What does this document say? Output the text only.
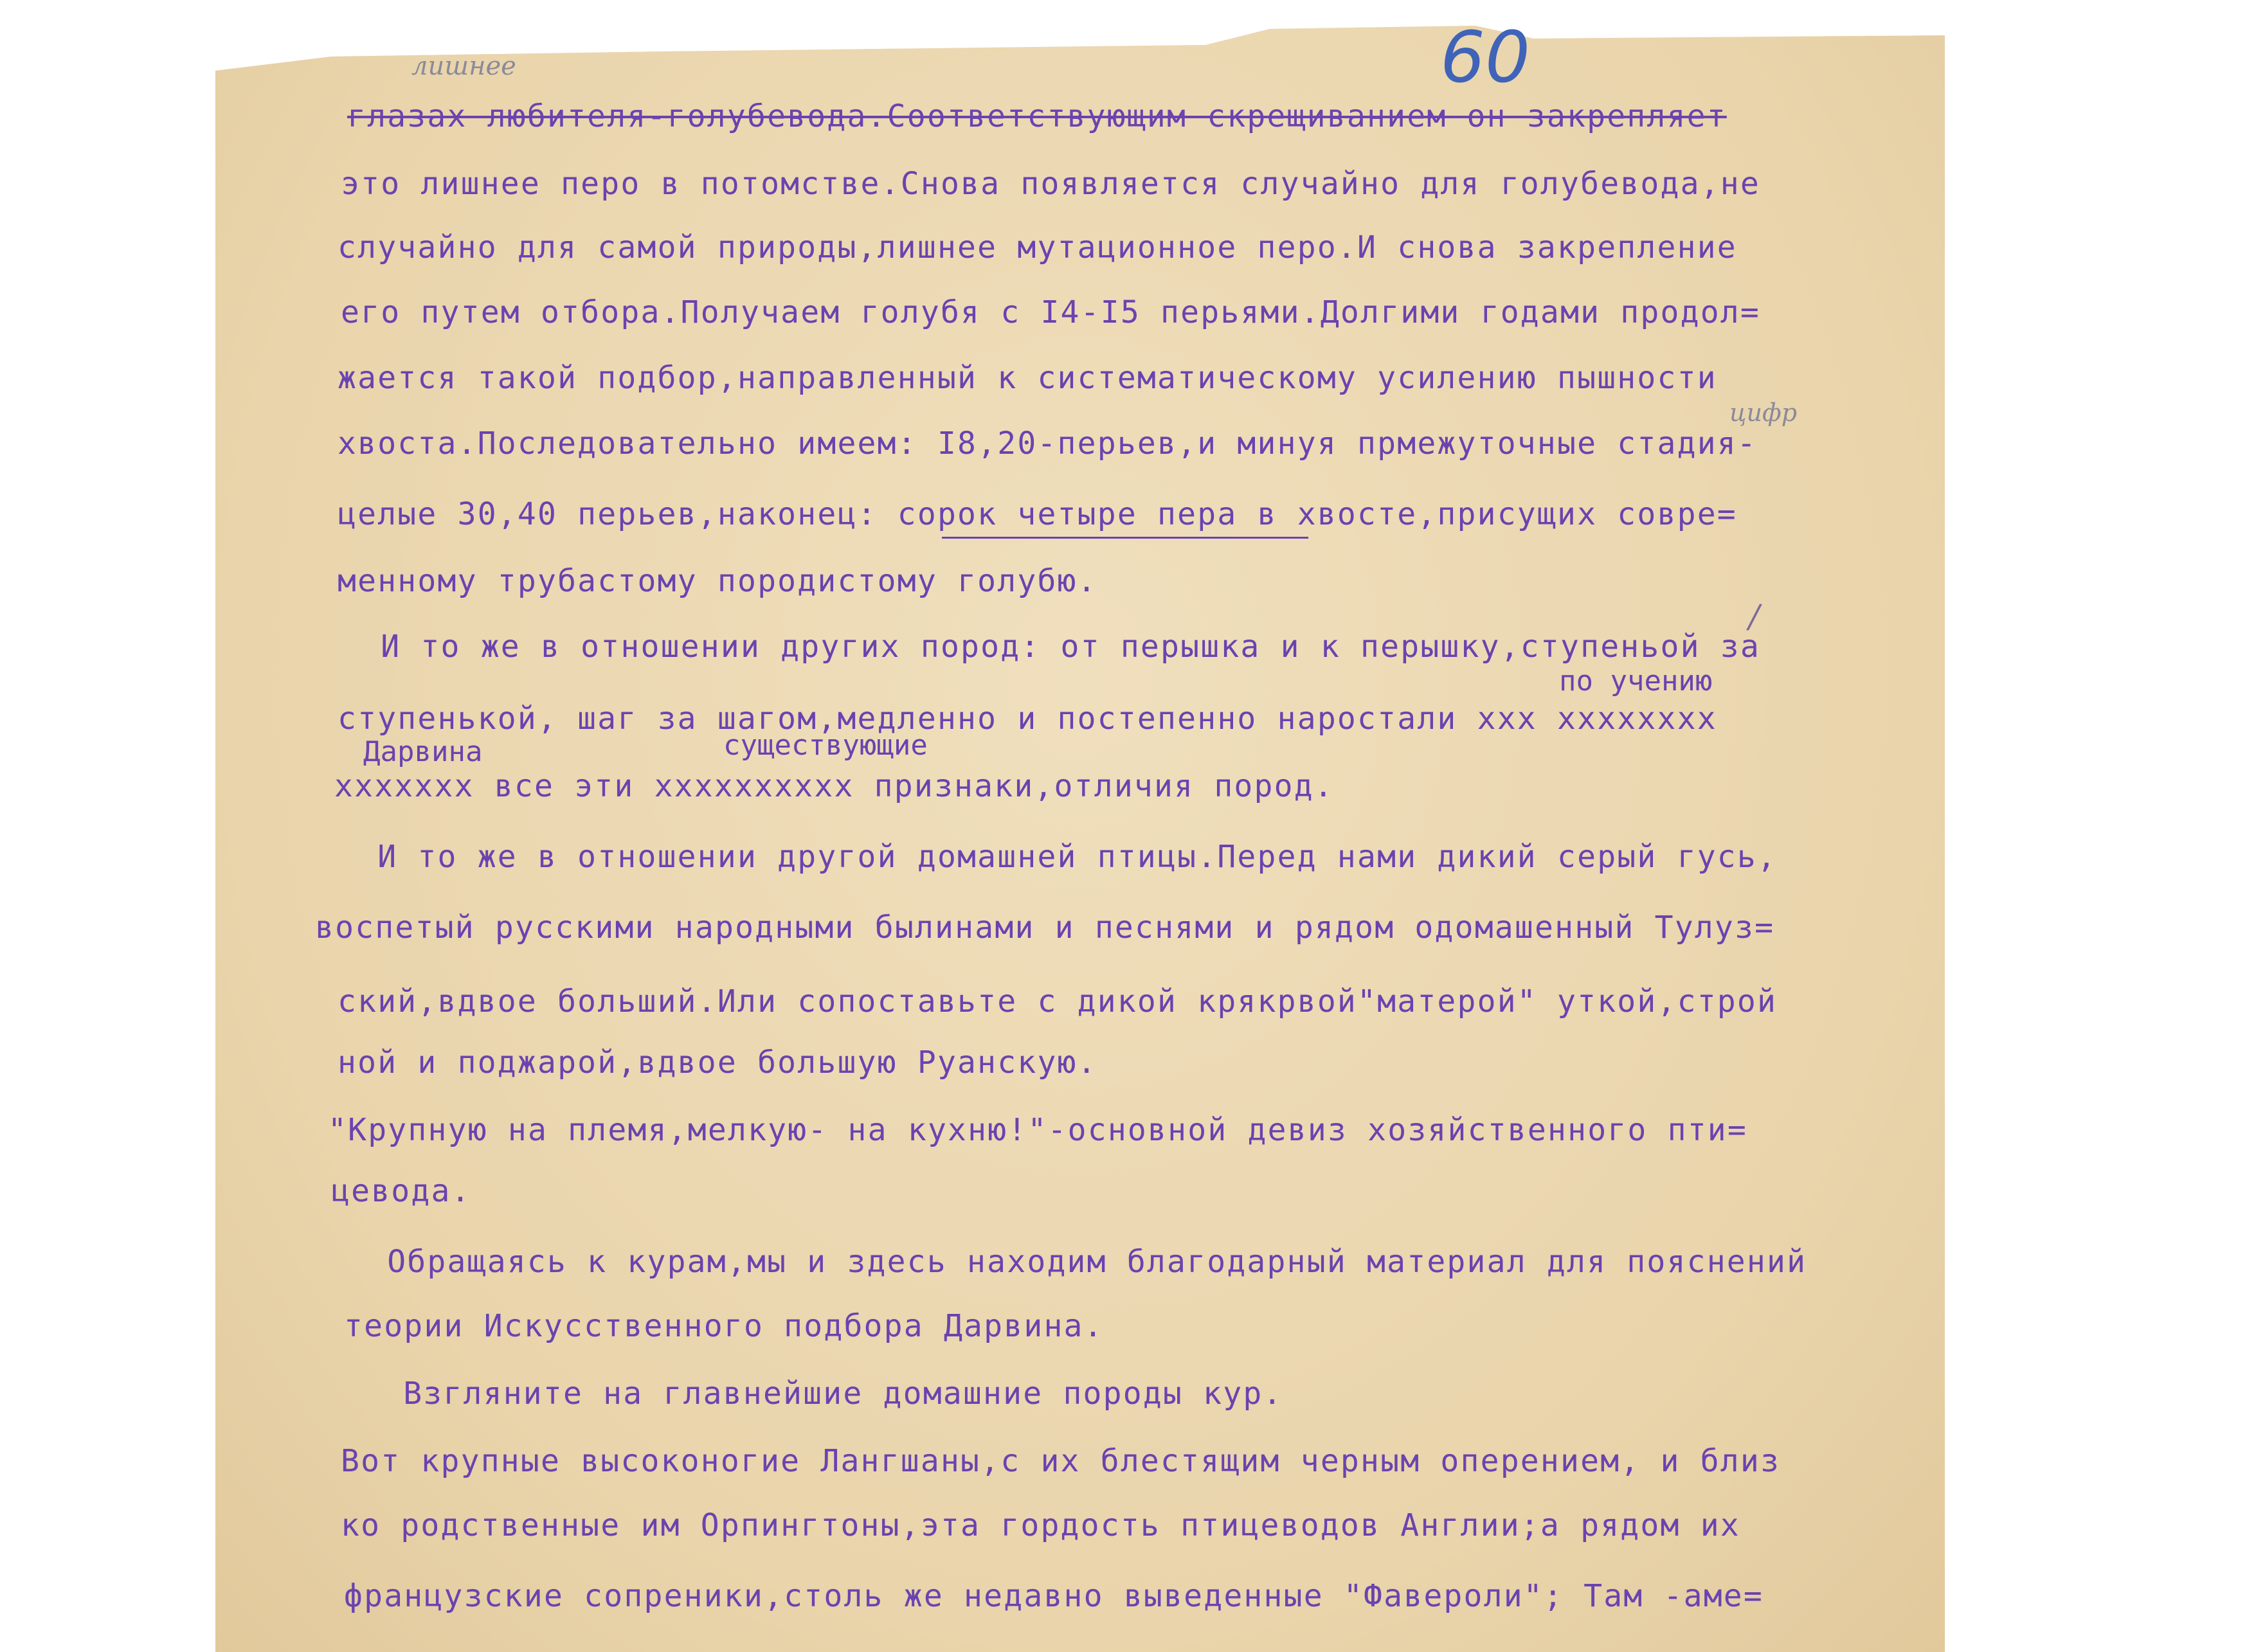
60
лишнее
цифр
/
глазах любителя-голубевода.Соответствующим скрещиванием он закрепляет
это лишнее перо в потомстве.Снова появляется случайно для голубевода,не
случайно для самой природы,лишнее мутационное перо.И снова закрепление
его путем отбора.Получаем голубя с I4-I5 перьями.Долгими годами продол=
жается такой подбор,направленный к систематическому усилению пышности
хвоста.Последовательно имеем: I8,20-перьев,и минуя прмежуточные стадия-
целые 30,40 перьев,наконец: сорок четыре пера в хвосте,присущих совре=
менному трубастому породистому голубю.
И то же в отношении других пород: от перышка и к перышку,ступеньой за
по учению
ступенькой, шаг за шагом,медленно и постепенно наростали ххх хххххххх
Дарвина	существующие
ххххххх все эти хххххххххх признаки,отличия пород.
И то же в отношении другой домашней птицы.Перед нами дикий серый гусь,
воспетый русскими народными былинами и песнями и рядом одомашенный Тулуз=
ский,вдвое больший.Или сопоставьте с дикой крякрвой"матерой" уткой,строй
ной и поджарой,вдвое большую Руанскую.
"Крупную на племя,мелкую- на кухню!"-основной девиз хозяйственного пти=
цевода.
Обращаясь к курам,мы и здесь находим благодарный материал для пояснений
теории Искусственного подбора Дарвина.
Взгляните на главнейшие домашние породы кур.
Вот крупные высоконогие Лангшаны,с их блестящим черным оперением, и близ
ко родственные им Орпингтоны,эта гордость птицеводов Англии;а рядом их
французские сопреники,столь же недавно выведенные "Фавероли"; Там -аме=
